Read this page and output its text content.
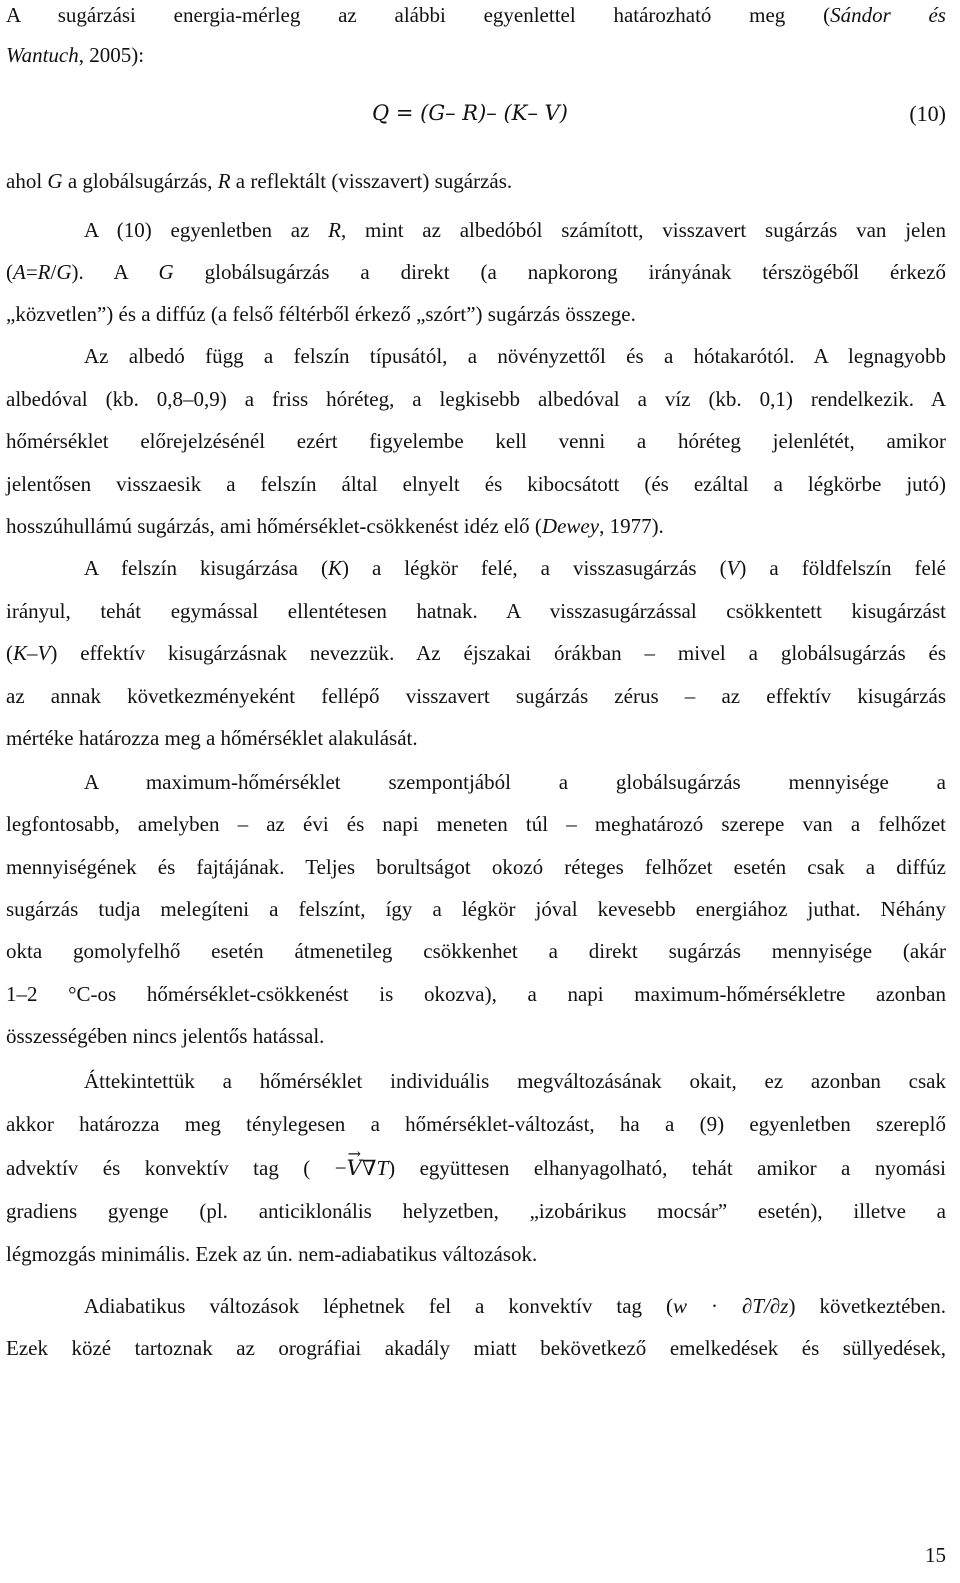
A sugárzási energia-mérleg az alábbi egyenlettel határozható meg (Sándor és
Wantuch, 2005):
Q = (G– R)– (K– V)	(10)
ahol G a globálsugárzás, R a reflektált (visszavert) sugárzás.
A (10) egyenletben az R, mint az albedóból számított, visszavert sugárzás van jelen
(A=R/G). A G globálsugárzás a direkt (a napkorong irányának térszögéből érkező
„közvetlen”) és a diffúz (a felső féltérből érkező „szórt”) sugárzás összege.
Az albedó függ a felszín típusától, a növényzettől és a hótakarótól. A legnagyobb
albedóval (kb. 0,8–0,9) a friss hóréteg, a legkisebb albedóval a víz (kb. 0,1) rendelkezik. A
hőmérséklet előrejelzésénél ezért figyelembe kell venni a hóréteg jelenlétét, amikor
jelentősen visszaesik a felszín által elnyelt és kibocsátott (és ezáltal a légkörbe jutó)
hosszúhullámú sugárzás, ami hőmérséklet-csökkenést idéz elő (Dewey, 1977).
A felszín kisugárzása (K) a légkör felé, a visszasugárzás (V) a földfelszín felé
irányul, tehát egymással ellentétesen hatnak. A visszasugárzással csökkentett kisugárzást
(K–V) effektív kisugárzásnak nevezzük. Az éjszakai órákban – mivel a globálsugárzás és
az annak következményeként fellépő visszavert sugárzás zérus – az effektív kisugárzás
mértéke határozza meg a hőmérséklet alakulását.
A maximum-hőmérséklet szempontjából a globálsugárzás mennyisége a
legfontosabb, amelyben – az évi és napi meneten túl – meghatározó szerepe van a felhőzet
mennyiségének és fajtájának. Teljes borultságot okozó réteges felhőzet esetén csak a diffúz
sugárzás tudja melegíteni a felszínt, így a légkör jóval kevesebb energiához juthat. Néhány
okta gomolyfelhő esetén átmenetileg csökkenhet a direkt sugárzás mennyisége (akár
1–2 °C-os hőmérséklet-csökkenést is okozva), a napi maximum-hőmérsékletre azonban
összességében nincs jelentős hatással.
Áttekintettük a hőmérséklet individuális megváltozásának okait, ez azonban csak
akkor határozza meg ténylegesen a hőmérséklet-változást, ha a (9) egyenletben szereplő
advektív és konvektív tag ( −→ V∇T) együttesen elhanyagolható, tehát amikor a nyomási
gradiens gyenge (pl. anticiklonális helyzetben, „izobárikus mocsár” esetén), illetve a
légmozgás minimális. Ezek az ún. nem-adiabatikus változások.
Adiabatikus változások léphetnek fel a konvektív tag (w · ∂T/∂z) következtében.
Ezek közé tartoznak az orográfiai akadály miatt bekövetkező emelkedések és süllyedések,
15
